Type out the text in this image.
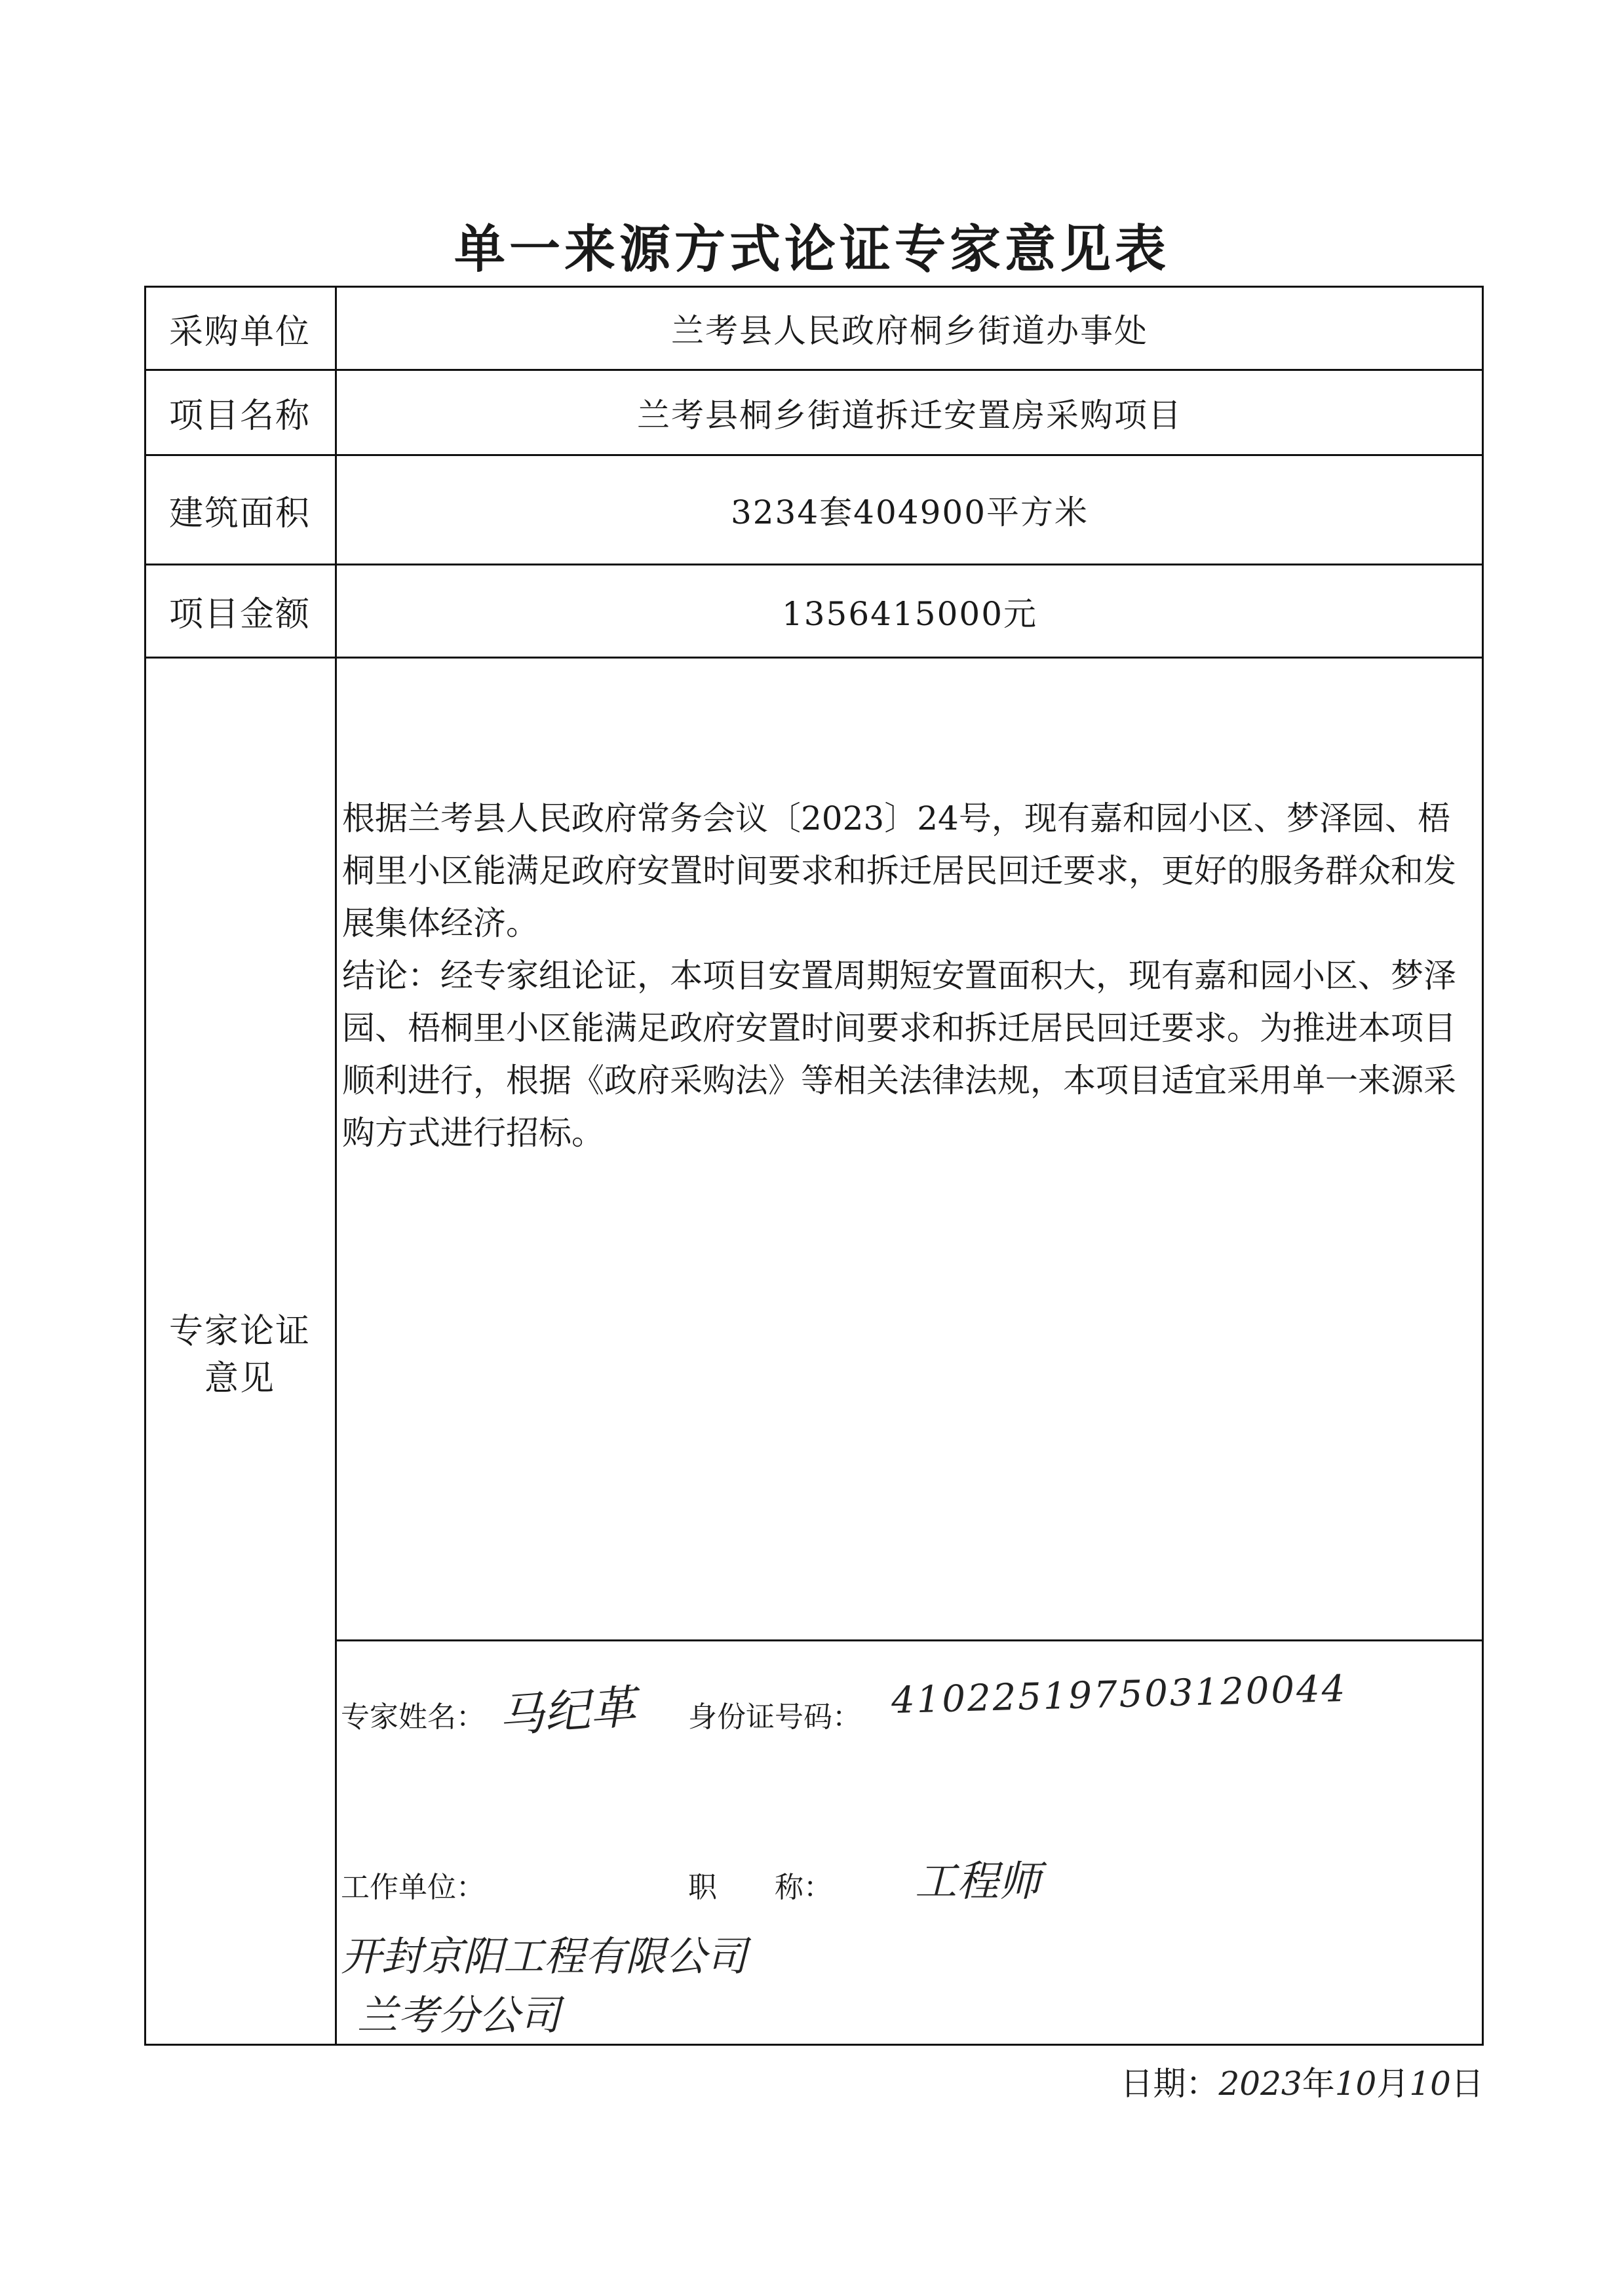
单一来源方式论证专家意见表
采购单位	兰考县人民政府桐乡街道办事处
项目名称	兰考县桐乡街道拆迁安置房采购项目
建筑面积	3234套404900平方米
项目金额	1356415000元
专家论证
意见

根据兰考县人民政府常务会议〔2023〕24号，现有嘉和园小区、梦泽园、梧桐里小区能满足政府安置时间要求和拆迁居民回迁要求，更好的服务群众和发展集体经济。

结论：经专家组论证，本项目安置周期短安置面积大，现有嘉和园小区、梦泽园、梧桐里小区能满足政府安置时间要求和拆迁居民回迁要求。为推进本项目顺利进行，根据《政府采购法》等相关法律法规，本项目适宜采用单一来源采购方式进行招标。

专家姓名： 马纪革 身份证号码： 410225197503120044
工作单位：	职　　称： 工程师
开封京阳工程有限公司
兰考分公司
日期：2023年10月10日
